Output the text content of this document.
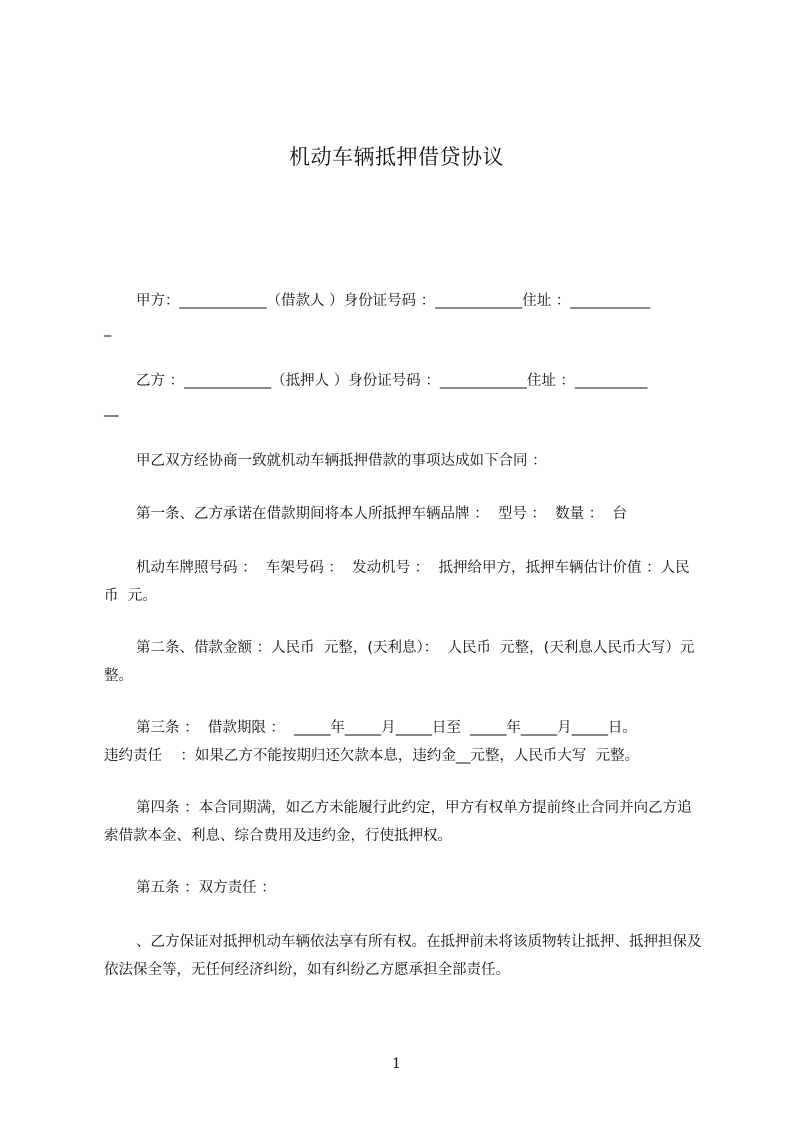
机动车辆抵押借贷协议
甲方：____________（借款人 ）身份证号码 ：____________住址 ：___________
_
乙方 ：____________（抵押人 ）身份证号码 ：____________住址 ：__________
__
甲乙双方经协商一致就机动车辆抵押借款的事项达成如下合同 ：
第一条、乙方承诺在借款期间将本人所抵押车辆品牌 ：  型号 ：  数量 ：  台
机动车牌照号码 ：  车架号码 ：  发动机号 ：  抵押给甲方，抵押车辆估计价值 ：人民币  元。
第二条、借款金额 ：人民币  元整，(天利息）：  人民币  元整，(天利息人民币大写）元整。
第三条 ：  借款期限 ：  _____年_____月_____日至  _____年_____月_____日。
违约责任    ：如果乙方不能按期归还欠款本息，违约金__元整，人民币大写  元整。
第四条 ：本合同期满，如乙方未能履行此约定，甲方有权单方提前终止合同并向乙方追索借款本金、利息、综合费用及违约金，行使抵押权。
第五条 ：双方责任 ：
、乙方保证对抵押机动车辆依法享有所有权。在抵押前未将该质物转让抵押、抵押担保及依法保全等，无任何经济纠纷，如有纠纷乙方愿承担全部责任。
1
